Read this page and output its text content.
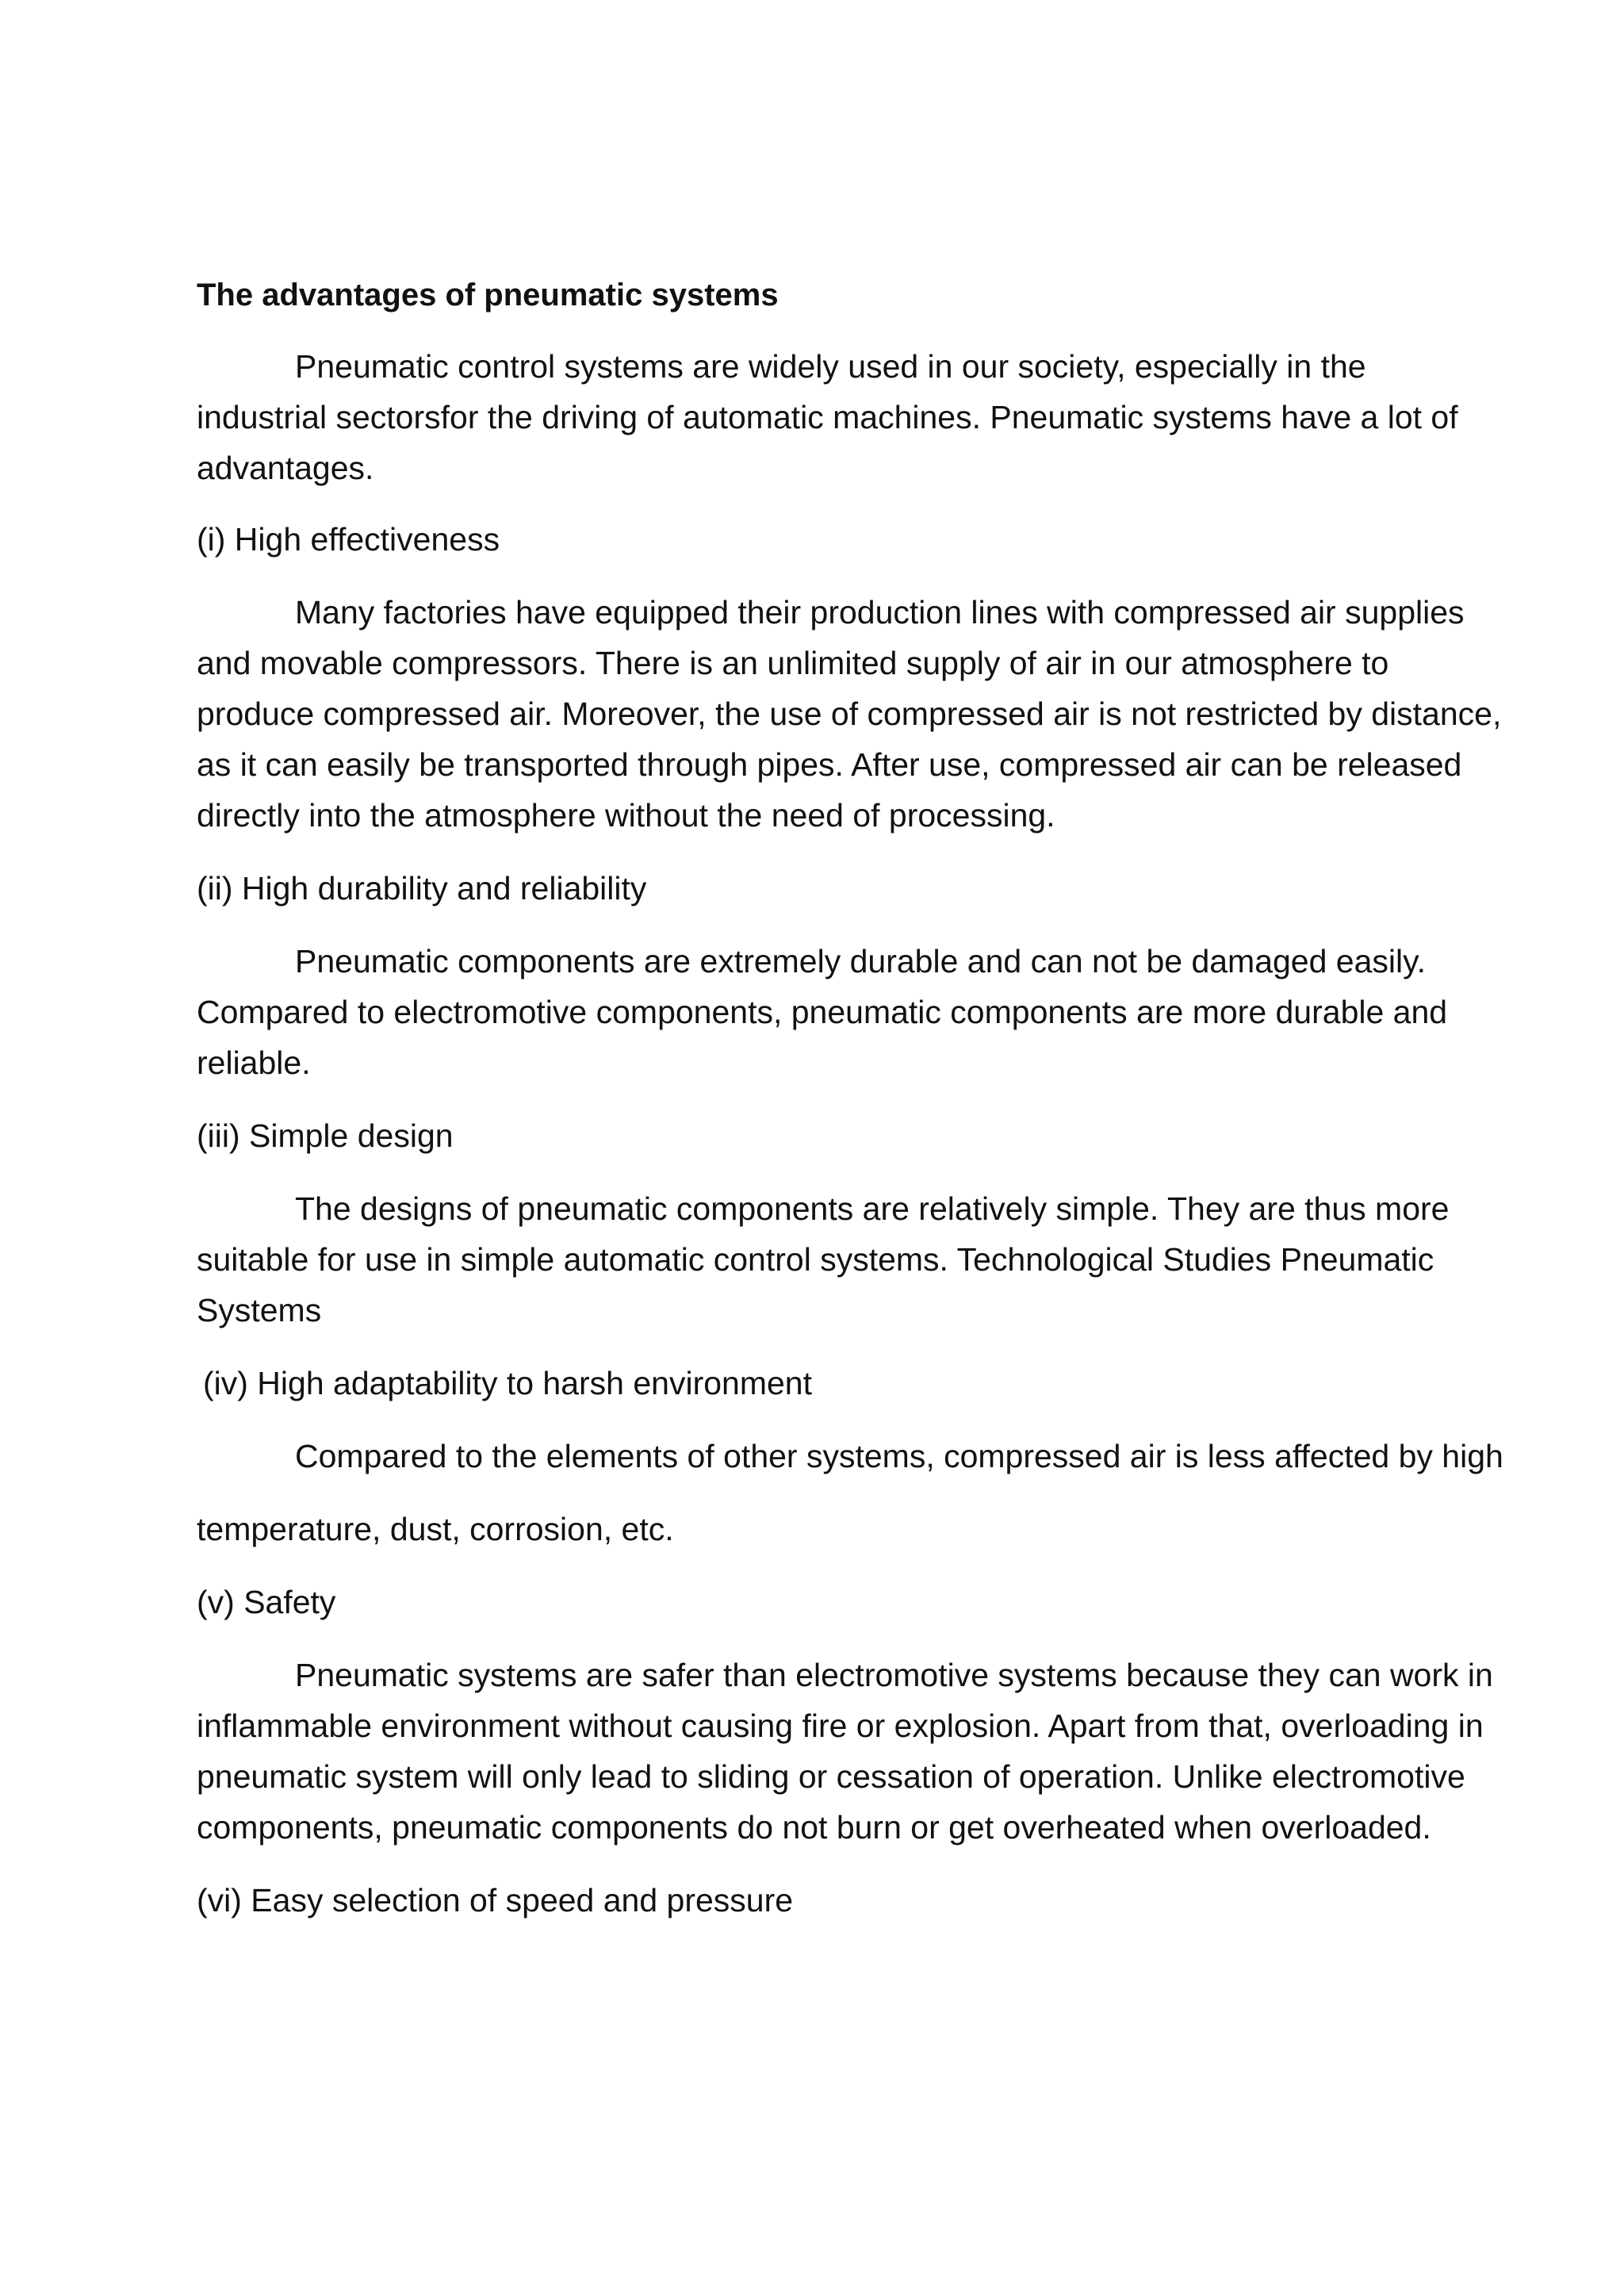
The advantages of pneumatic systems

Pneumatic control systems are widely used in our society, especially in the industrial sectorsfor the driving of automatic machines. Pneumatic systems have a lot of advantages.

(i) High effectiveness

Many factories have equipped their production lines with compressed air supplies and movable compressors. There is an unlimited supply of air in our atmosphere to produce compressed air. Moreover, the use of compressed air is not restricted by distance, as it can easily be transported through pipes. After use, compressed air can be released directly into the atmosphere without the need of processing.

(ii) High durability and reliability

Pneumatic components are extremely durable and can not be damaged easily. Compared to electromotive components, pneumatic components are more durable and reliable.

(iii) Simple design

The designs of pneumatic components are relatively simple. They are thus more suitable for use in simple automatic control systems. Technological Studies Pneumatic Systems

(iv) High adaptability to harsh environment

Compared to the elements of other systems, compressed air is less affected by high

temperature, dust, corrosion, etc.

(v) Safety

Pneumatic systems are safer than electromotive systems because they can work in inflammable environment without causing fire or explosion. Apart from that, overloading in pneumatic system will only lead to sliding or cessation of operation. Unlike electromotive components, pneumatic components do not burn or get overheated when overloaded.

(vi) Easy selection of speed and pressure
